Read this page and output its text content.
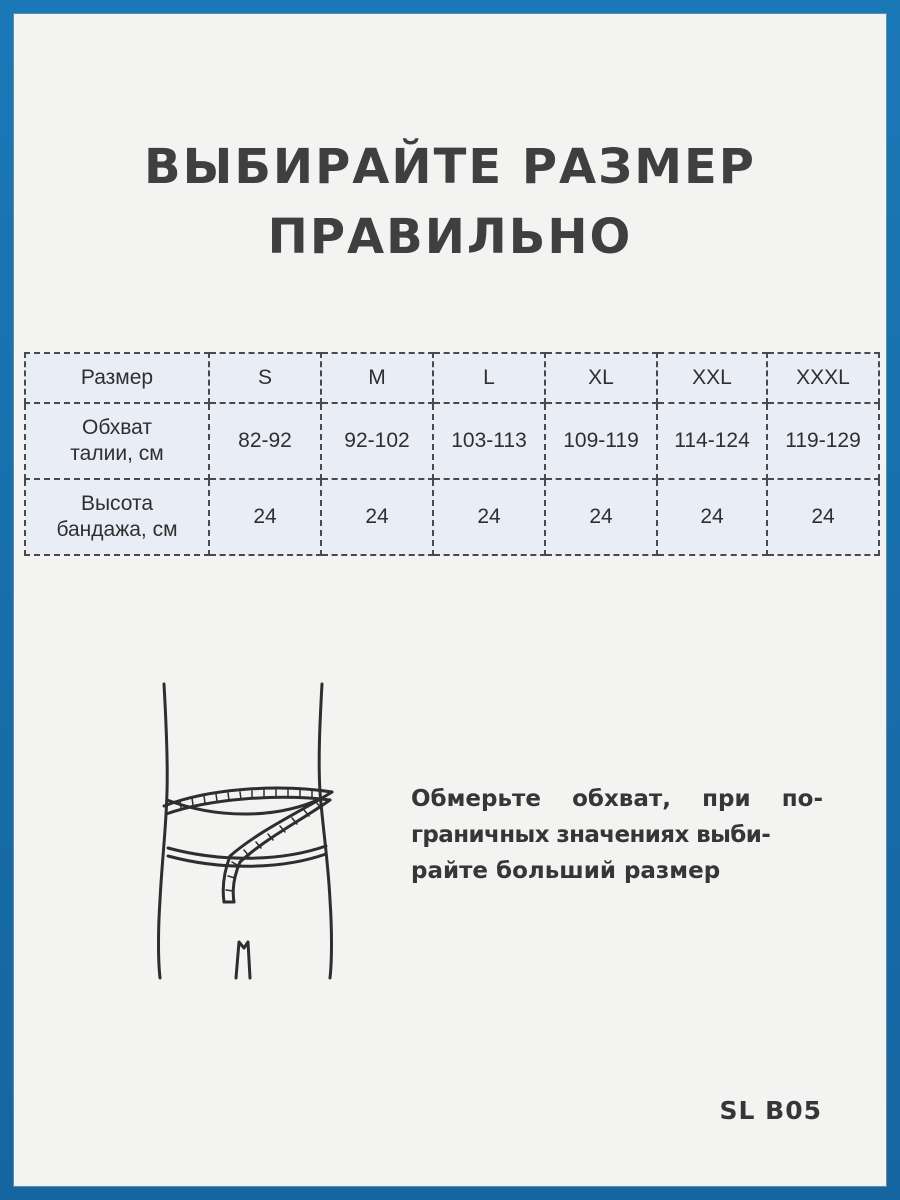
ВЫБИРАЙТЕ РАЗМЕР
ПРАВИЛЬНО
Размер	S	M	L	XL	XXL	XXXL

Обхват
талии, см	82-92	92-102	103-113	109-119	114-124	119-129

Высота
бандажа, см	24	24	24	24	24	24
Обмерьте обхват, при по-
граничных значениях выби-
райте больший размер
SL B05
